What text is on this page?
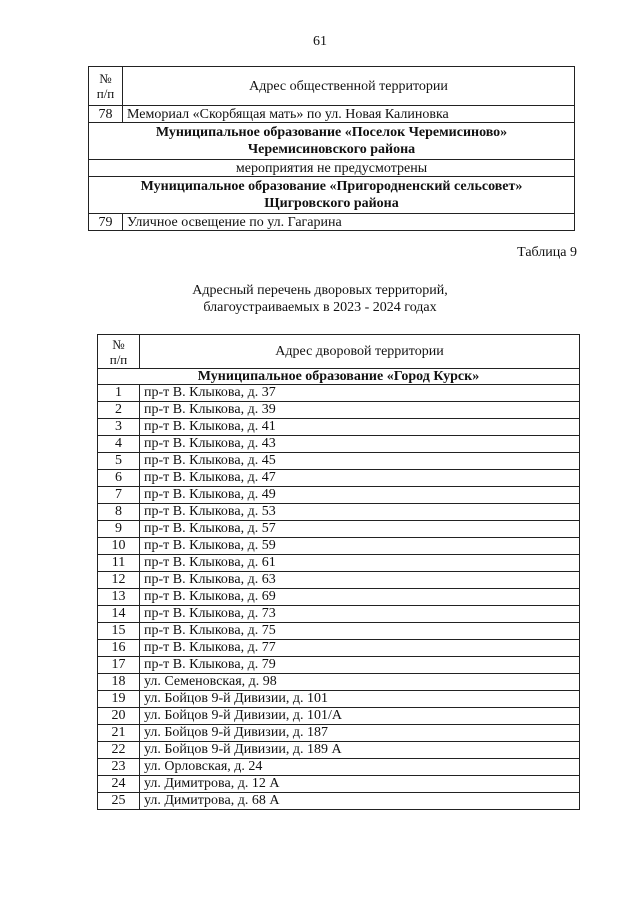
61
№
п/п	Адрес общественной территории
78	Мемориал «Скорбящая мать» по ул. Новая Калиновка
Муниципальное образование «Поселок Черемисиново»
Черемисиновского района	
мероприятия не предусмотрены	
Муниципальное образование «Пригородненский сельсовет»
Щигровского района	
79	Уличное освещение по ул. Гагарина
Таблица 9
Адресный перечень дворовых территорий,
благоустраиваемых в 2023 - 2024 годах
№
п/п	Адрес дворовой территории
Муниципальное образование «Город Курск»	
1	пр-т В. Клыкова, д. 37
2	пр-т В. Клыкова, д. 39
3	пр-т В. Клыкова, д. 41
4	пр-т В. Клыкова, д. 43
5	пр-т В. Клыкова, д. 45
6	пр-т В. Клыкова, д. 47
7	пр-т В. Клыкова, д. 49
8	пр-т В. Клыкова, д. 53
9	пр-т В. Клыкова, д. 57
10	пр-т В. Клыкова, д. 59
11	пр-т В. Клыкова, д. 61
12	пр-т В. Клыкова, д. 63
13	пр-т В. Клыкова, д. 69
14	пр-т В. Клыкова, д. 73
15	пр-т В. Клыкова, д. 75
16	пр-т В. Клыкова, д. 77
17	пр-т В. Клыкова, д. 79
18	ул. Семеновская, д. 98
19	ул. Бойцов 9-й Дивизии, д. 101
20	ул. Бойцов 9-й Дивизии, д. 101/А
21	ул. Бойцов 9-й Дивизии, д. 187
22	ул. Бойцов 9-й Дивизии, д. 189 А
23	ул. Орловская, д. 24
24	ул. Димитрова, д. 12 А
25	ул. Димитрова, д. 68 А
